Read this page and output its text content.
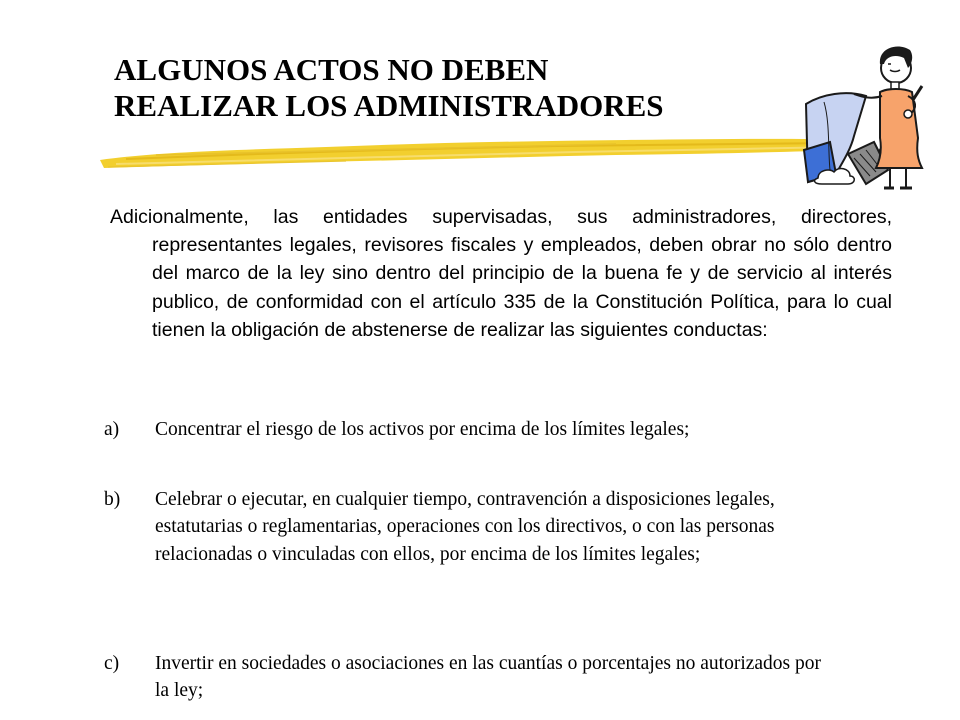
ALGUNOS ACTOS NO DEBEN
REALIZAR LOS ADMINISTRADORES
Adicionalmente, las entidades supervisadas, sus administradores, directores, representantes legales, revisores fiscales y empleados, deben obrar no sólo dentro del marco de la ley sino dentro del principio de la buena fe y de servicio al interés publico, de conformidad con el artículo 335 de la Constitución Política, para lo cual tienen la obligación de abstenerse de realizar las siguientes conductas:
a) Concentrar el riesgo de los activos por encima de los límites legales;
b) Celebrar o ejecutar, en cualquier tiempo, contravención a disposiciones legales, estatutarias o reglamentarias, operaciones con los directivos, o con las personas relacionadas o vinculadas con ellos, por encima de los límites legales;
c) Invertir en sociedades o asociaciones en las cuantías o porcentajes no autorizados por la ley;
